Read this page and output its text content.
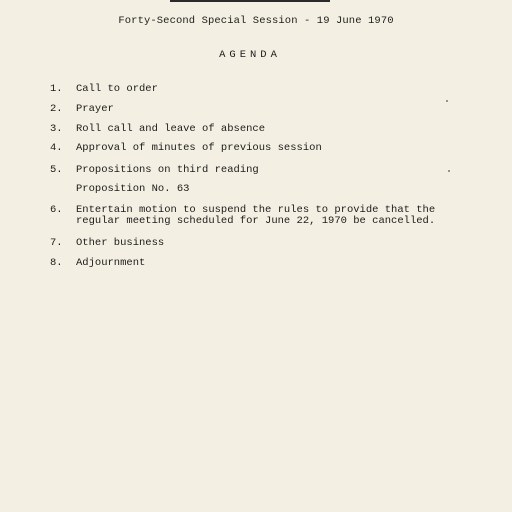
Forty-Second Special Session - 19 June 1970
AGENDA
1.	Call to order
2.	Prayer
3.	Roll call and leave of absence
4.	Approval of minutes of previous session
5.	Propositions on third reading
Proposition No. 63
6.	Entertain motion to suspend the rules to provide that the
regular meeting scheduled for June 22, 1970 be cancelled.
7.	Other business
8.	Adjournment
